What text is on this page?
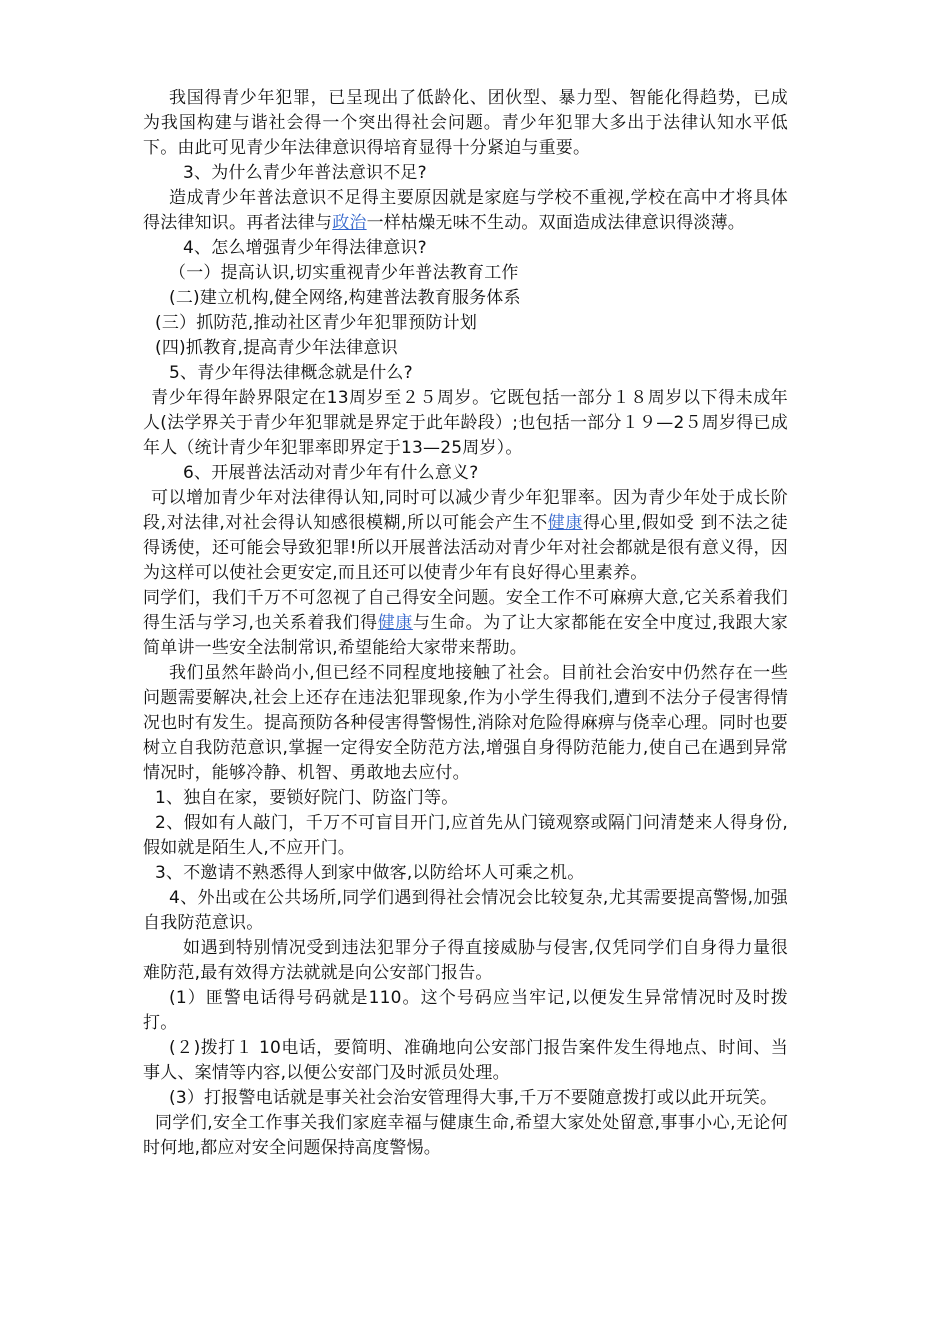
我国得青少年犯罪，已呈现出了低龄化、团伙型、暴力型、智能化得趋势，已成为我国构建与谐社会得一个突出得社会问题。青少年犯罪大多出于法律认知水平低下。由此可见青少年法律意识得培育显得十分紧迫与重要。

3、为什么青少年普法意识不足?

造成青少年普法意识不足得主要原因就是家庭与学校不重视,学校在高中才将具体得法律知识。再者法律与政治一样枯燥无味不生动。双面造成法律意识得淡薄。

4、怎么增强青少年得法律意识?

（一）提高认识,切实重视青少年普法教育工作

(二)建立机构,健全网络,构建普法教育服务体系

(三）抓防范,推动社区青少年犯罪预防计划

(四)抓教育,提高青少年法律意识

5、青少年得法律概念就是什么?

青少年得年龄界限定在13周岁至２５周岁。它既包括一部分１８周岁以下得未成年人(法学界关于青少年犯罪就是界定于此年龄段）;也包括一部分１９—2５周岁得已成年人（统计青少年犯罪率即界定于13—25周岁）。

6、开展普法活动对青少年有什么意义?

可以增加青少年对法律得认知,同时可以减少青少年犯罪率。因为青少年处于成长阶段,对法律,对社会得认知感很模糊,所以可能会产生不健康得心里,假如受 到不法之徒得诱使，还可能会导致犯罪!所以开展普法活动对青少年对社会都就是很有意义得，因为这样可以使社会更安定,而且还可以使青少年有良好得心里素养。

同学们，我们千万不可忽视了自己得安全问题。安全工作不可麻痹大意,它关系着我们得生活与学习,也关系着我们得健康与生命。为了让大家都能在安全中度过,我跟大家简单讲一些安全法制常识,希望能给大家带来帮助。

我们虽然年龄尚小,但已经不同程度地接触了社会。目前社会治安中仍然存在一些问题需要解决,社会上还存在违法犯罪现象,作为小学生得我们,遭到不法分子侵害得情况也时有发生。提高预防各种侵害得警惕性,消除对危险得麻痹与侥幸心理。同时也要树立自我防范意识,掌握一定得安全防范方法,增强自身得防范能力,使自己在遇到异常情况时，能够冷静、机智、勇敢地去应付。

1、独自在家，要锁好院门、防盗门等。

2、假如有人敲门，千万不可盲目开门,应首先从门镜观察或隔门问清楚来人得身份,假如就是陌生人,不应开门。

3、不邀请不熟悉得人到家中做客,以防给坏人可乘之机。

4、外出或在公共场所,同学们遇到得社会情况会比较复杂,尤其需要提高警惕,加强自我防范意识。

如遇到特别情况受到违法犯罪分子得直接威胁与侵害,仅凭同学们自身得力量很难防范,最有效得方法就就是向公安部门报告。

(1）匪警电话得号码就是110。这个号码应当牢记,以便发生异常情况时及时拨打。

(２)拨打１ 10电话，要简明、准确地向公安部门报告案件发生得地点、时间、当事人、案情等内容,以便公安部门及时派员处理。

(3）打报警电话就是事关社会治安管理得大事,千万不要随意拨打或以此开玩笑。

同学们,安全工作事关我们家庭幸福与健康生命,希望大家处处留意,事事小心,无论何时何地,都应对安全问题保持高度警惕。
